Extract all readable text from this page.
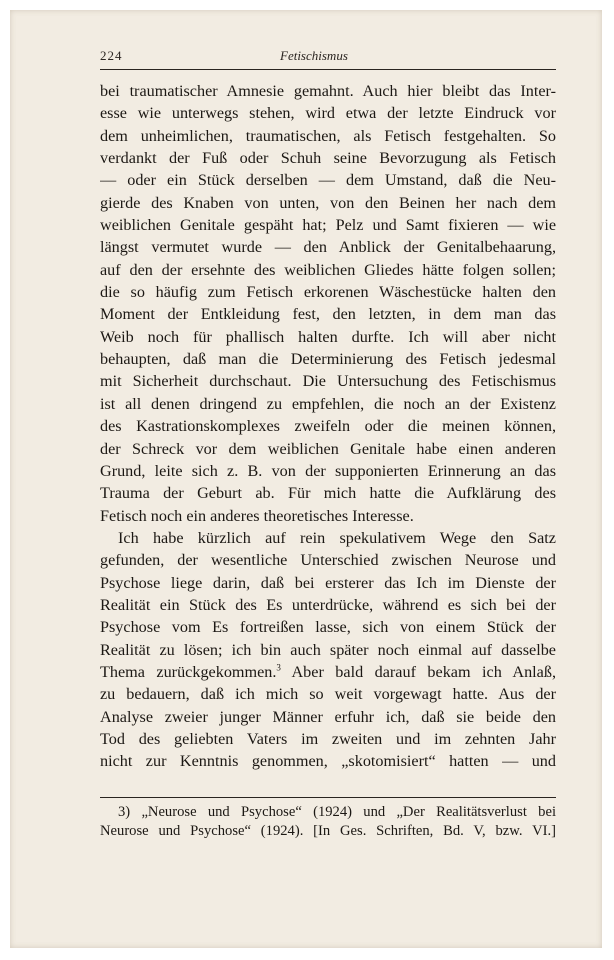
224	Fetischismus
bei traumatischer Amnesie gemahnt. Auch hier bleibt das Inter-
esse wie unterwegs stehen, wird etwa der letzte Eindruck vor
dem unheimlichen, traumatischen, als Fetisch festgehalten. So
verdankt der Fuß oder Schuh seine Bevorzugung als Fetisch
— oder ein Stück derselben — dem Umstand, daß die Neu-
gierde des Knaben von unten, von den Beinen her nach dem
weiblichen Genitale gespäht hat; Pelz und Samt fixieren — wie
längst vermutet wurde — den Anblick der Genitalbehaarung,
auf den der ersehnte des weiblichen Gliedes hätte folgen sollen;
die so häufig zum Fetisch erkorenen Wäschestücke halten den
Moment der Entkleidung fest, den letzten, in dem man das
Weib noch für phallisch halten durfte. Ich will aber nicht
behaupten, daß man die Determinierung des Fetisch jedesmal
mit Sicherheit durchschaut. Die Untersuchung des Fetischismus
ist all denen dringend zu empfehlen, die noch an der Existenz
des Kastrationskomplexes zweifeln oder die meinen können,
der Schreck vor dem weiblichen Genitale habe einen anderen
Grund, leite sich z. B. von der supponierten Erinnerung an das
Trauma der Geburt ab. Für mich hatte die Aufklärung des
Fetisch noch ein anderes theoretisches Interesse.
Ich habe kürzlich auf rein spekulativem Wege den Satz
gefunden, der wesentliche Unterschied zwischen Neurose und
Psychose liege darin, daß bei ersterer das Ich im Dienste der
Realität ein Stück des Es unterdrücke, während es sich bei der
Psychose vom Es fortreißen lasse, sich von einem Stück der
Realität zu lösen; ich bin auch später noch einmal auf dasselbe
Thema zurückgekommen.$^3$ Aber bald darauf bekam ich Anlaß,
zu bedauern, daß ich mich so weit vorgewagt hatte. Aus der
Analyse zweier junger Männer erfuhr ich, daß sie beide den
Tod des geliebten Vaters im zweiten und im zehnten Jahr
nicht zur Kenntnis genommen, „skotomisiert“ hatten — und
3) „Neurose und Psychose“ (1924) und „Der Realitätsverlust bei
Neurose und Psychose“ (1924). [In Ges. Schriften, Bd. V, bzw. VI.]
